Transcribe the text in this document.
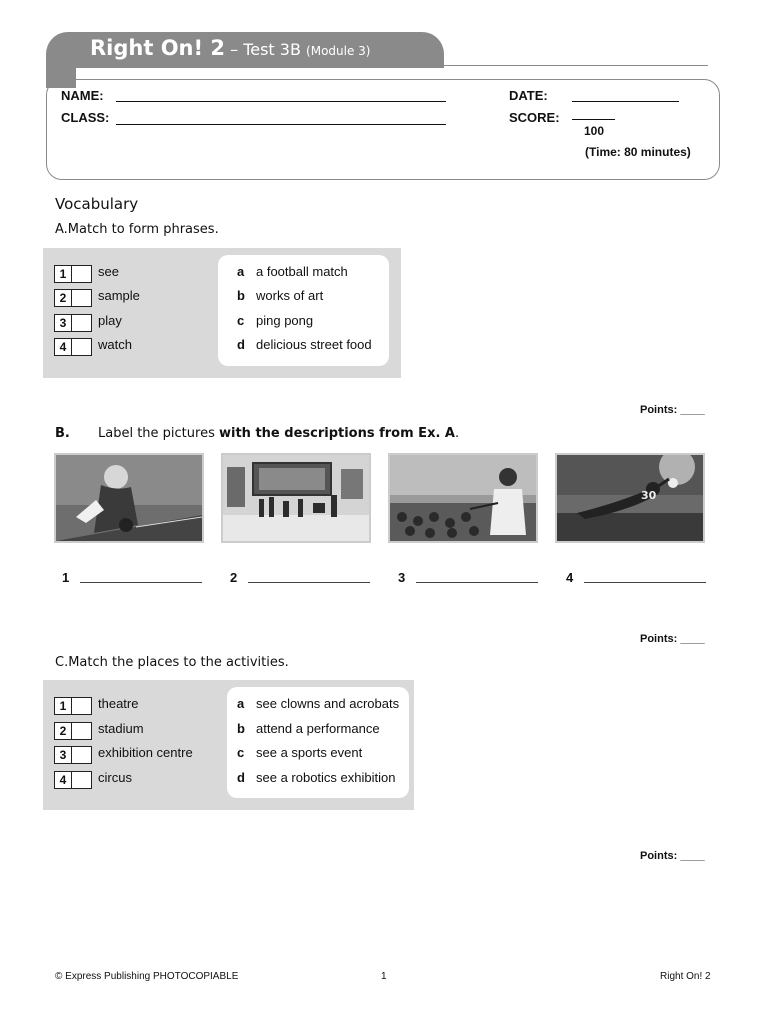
Right On! 2 – Test 3B (Module 3)
NAME:
CLASS:
DATE:
SCORE:
100
(Time: 80 minutes)
Vocabulary
A.Match to form phrases.
1	see
2	sample
3	play
4	watch
a a football match
b works of art
c ping pong
d delicious street food
Points: ____
B. Label the pictures with the descriptions from Ex. A.
30
1	2	3	4
Points: ____
C.Match the places to the activities.
1	theatre
2	stadium
3	exhibition centre
4	circus
a see clowns and acrobats
b attend a performance
c see a sports event
d see a robotics exhibition
Points: ____
© Express Publishing PHOTOCOPIABLE	1	Right On! 2
